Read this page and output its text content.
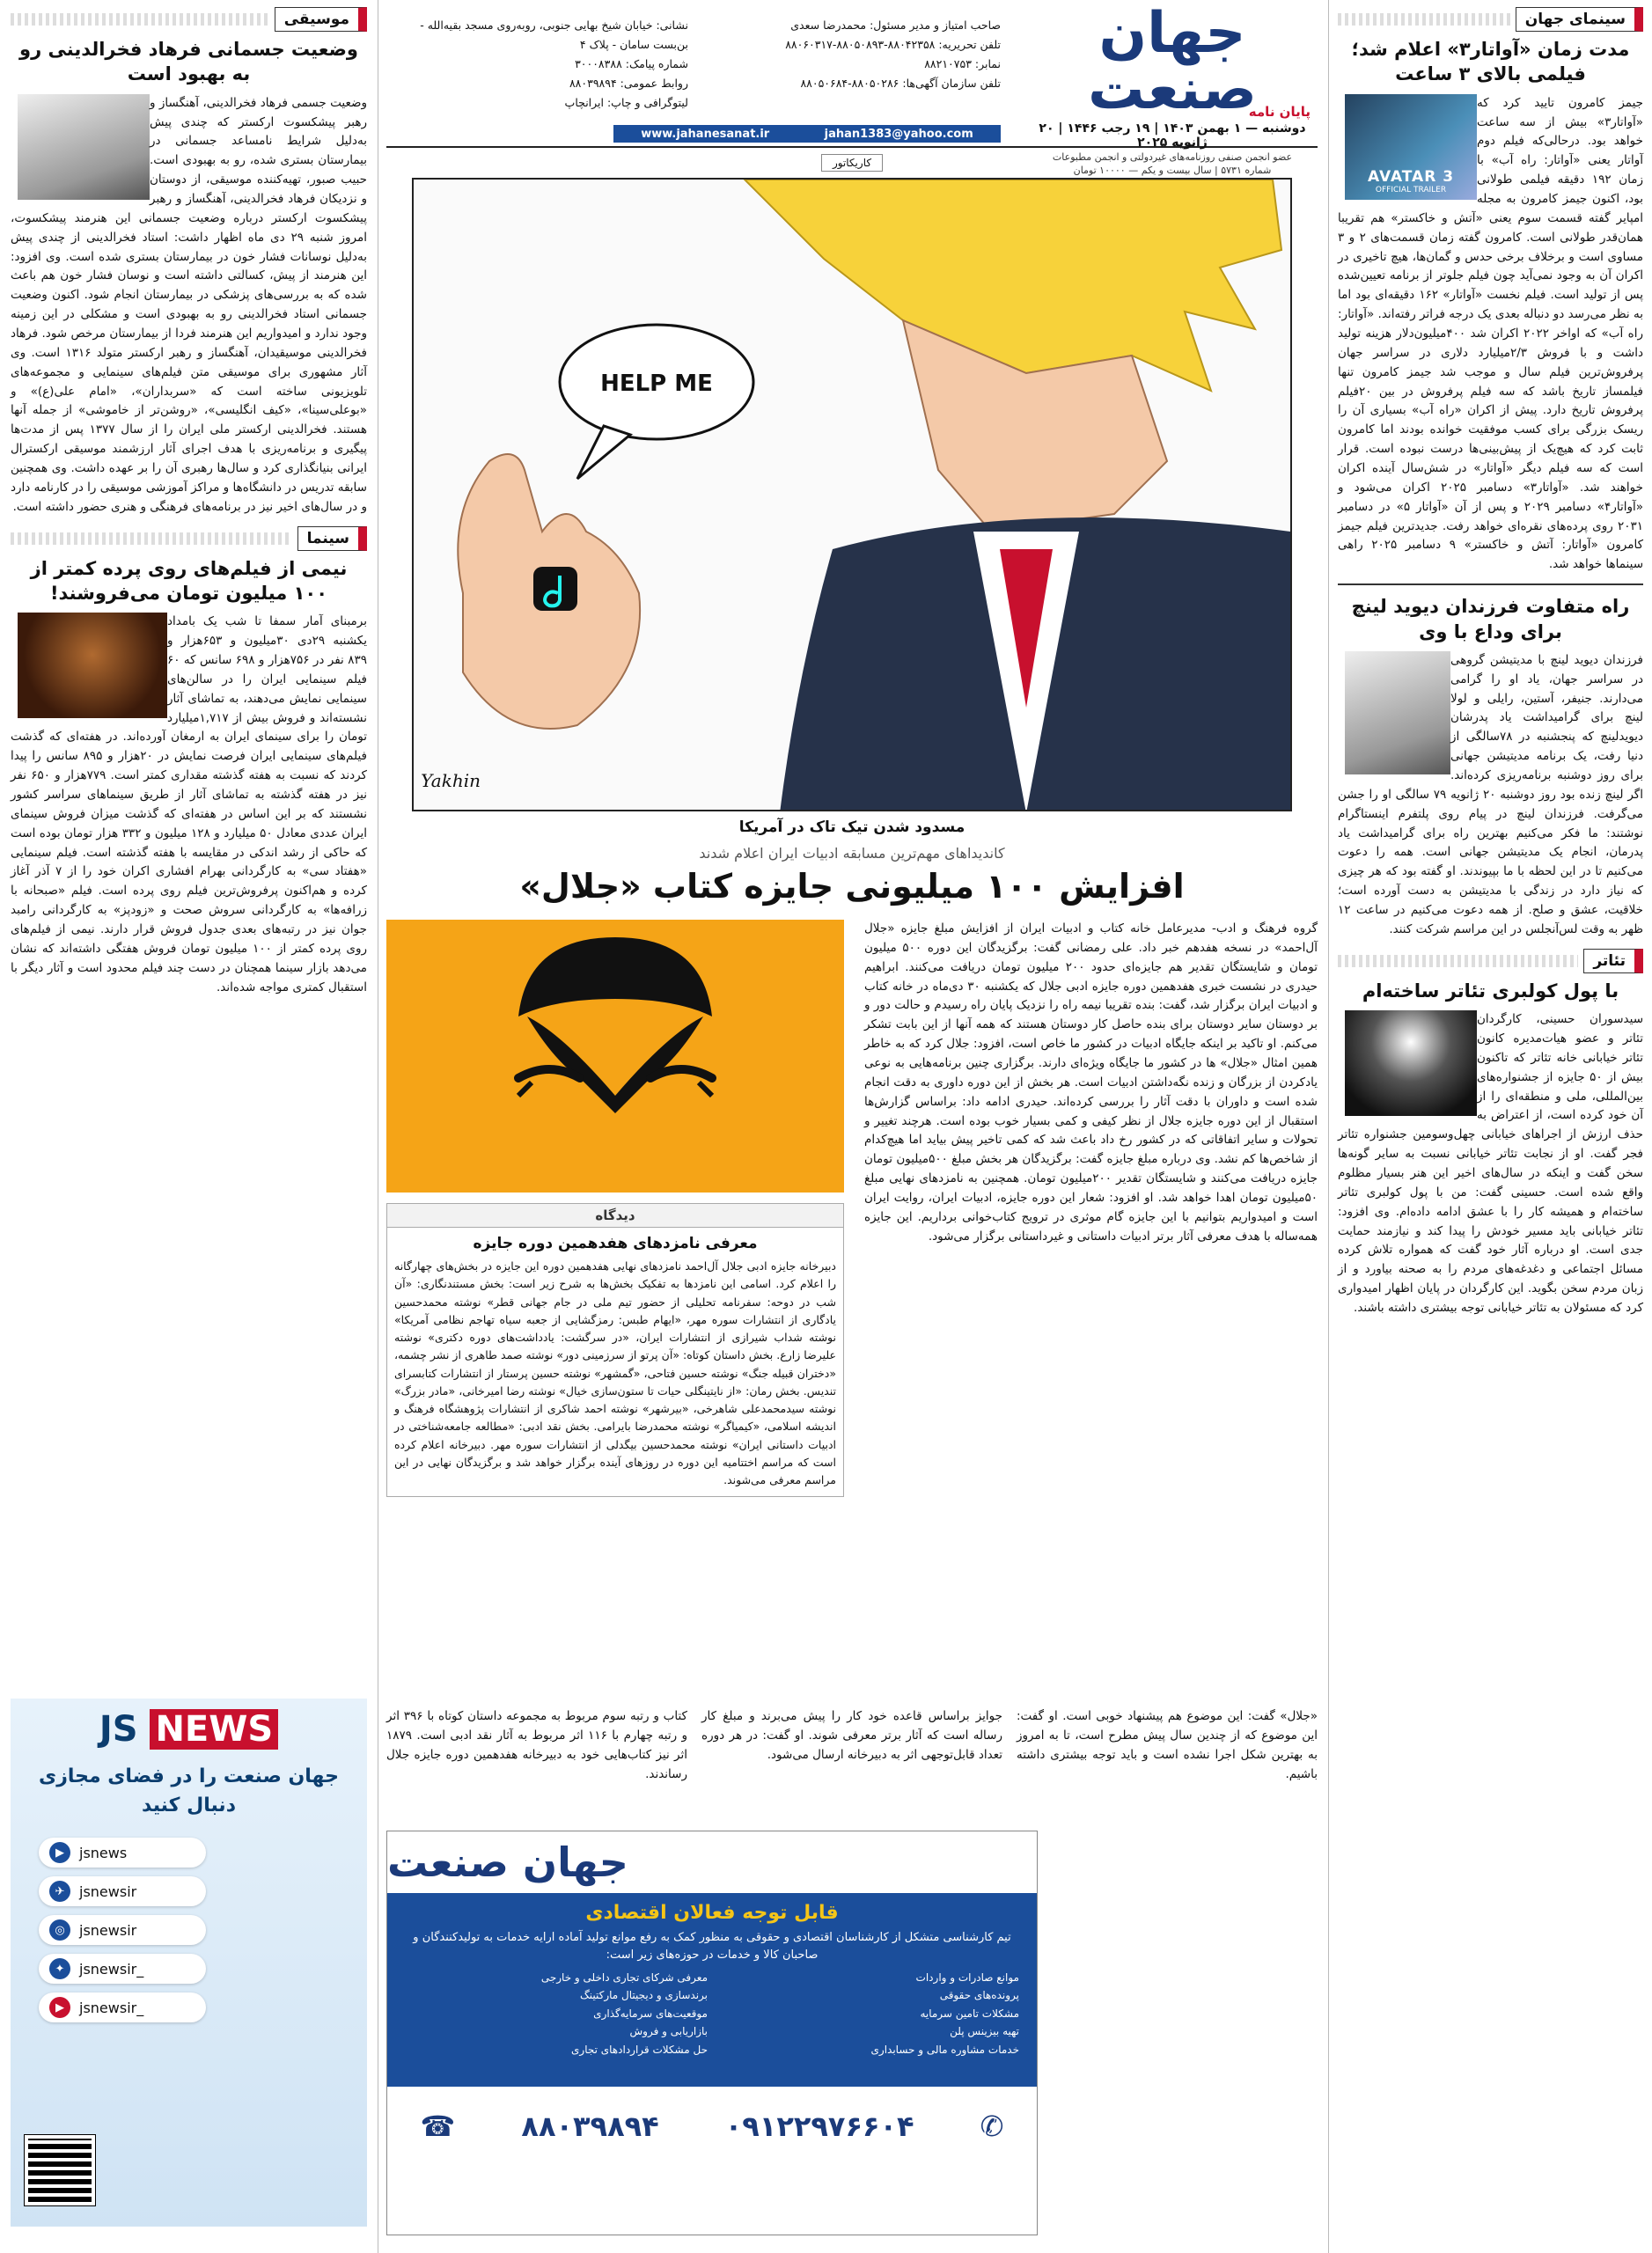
سینمای جهان
مدت زمان «آواتار۳» اعلام شد؛ فیلمی بالای ۳ ساعت
AVATAR 3
OFFICIAL TRAILER

جیمز کامرون تایید کرد که «آواتار۳» بیش از سه ساعت خواهد بود. درحالی‌که فیلم دوم آواتار یعنی «آواتار: راه آب» با زمان ۱۹۲ دقیقه فیلمی طولانی بود، اکنون جیمز کامرون به مجله امپایر گفته قسمت سوم یعنی «آتش و خاکستر» هم تقریبا همان‌قدر طولانی است. کامرون گفته زمان قسمت‌های ۲ و ۳ مساوی است و برخلاف برخی حدس و گمان‌ها، هیچ تاخیری در اکران آن به وجود نمی‌آید چون فیلم جلوتر از برنامه تعیین‌شده پس از تولید است. فیلم نخست «آواتار» ۱۶۲ دقیقه‌ای بود اما به نظر می‌رسد دو دنباله بعدی یک درجه فراتر رفته‌اند. «آواتار: راه آب» که اواخر ۲۰۲۲ اکران شد ۴۰۰میلیون‌دلار هزینه تولید داشت و با فروش ۲/۳میلیارد دلاری در سراسر جهان پرفروش‌ترین فیلم سال و موجب شد جیمز کامرون تنها فیلمساز تاریخ باشد که سه فیلم پرفروش در بین ۲۰فیلم پرفروش تاریخ دارد. پیش از اکران «راه آب» بسیاری آن را ریسک بزرگی برای کسب موفقیت خوانده بودند اما کامرون ثابت کرد که هیچ‌یک از پیش‌بینی‌ها درست نبوده است. قرار است که سه فیلم دیگر «آواتار» در شش‌سال آینده اکران خواهند شد. «آواتار۳» دسامبر ۲۰۲۵ اکران می‌شود و «آواتار۴» دسامبر ۲۰۲۹ و پس از آن «آواتار ۵» در دسامبر ۲۰۳۱ روی پرده‌های نقره‌ای خواهد رفت. جدیدترین فیلم جیمز کامرون «آواتار: آتش و خاکستر» ۹ دسامبر ۲۰۲۵ راهی سینماها خواهد شد.

راه متفاوت فرزندان دیوید لینچ برای وداع با وی

فرزندان دیوید لینچ با مدیتیشن گروهی در سراسر جهان، یاد او را گرامی می‌دارند. جنیفر، آستین، رایلی و لولا لینچ برای گرامیداشت یاد پدرشان دیویدلینچ که پنجشنبه در ۷۸سالگی از دنیا رفت، یک برنامه مدیتیشن جهانی برای روز دوشنبه برنامه‌ریزی کرده‌اند. اگر لینچ زنده بود روز دوشنبه ۲۰ ژانویه ۷۹ سالگی او را جشن می‌گرفت. فرزندان لینچ در پیام روی پلتفرم اینستاگرام نوشتند: ما فکر می‌کنیم بهترین راه برای گرامیداشت یاد پدرمان، انجام یک مدیتیشن جهانی است. همه را دعوت می‌کنیم تا در این لحظه با ما بپیوندند. او گفته بود که هر چیزی که نیاز دارد در زندگی با مدیتیشن به دست آورده است؛ خلاقیت، عشق و صلح. از همه دعوت می‌کنیم در ساعت ۱۲ ظهر به وقت لس‌آنجلس در این مراسم شرکت کنند.

تئاتر
با پول کولبری تئاتر ساخته‌ام

سیدسوران حسینی، کارگردان تئاتر و عضو هیات‌مدیره کانون تئاتر خیابانی خانه تئاتر که تاکنون بیش از ۵۰ جایزه از جشنواره‌های بین‌المللی، ملی و منطقه‌ای را از آن خود کرده است، از اعتراض به حذف ارزش از اجراهای خیابانی چهل‌وسومین جشنواره تئاتر فجر گفت. او از نجابت تئاتر خیابانی نسبت به سایر گونه‌ها سخن گفت و اینکه در سال‌های اخیر این هنر بسیار مظلوم واقع شده است. حسینی گفت: من با پول کولبری تئاتر ساخته‌ام و همیشه کار را با عشق ادامه داده‌ام. وی افزود: تئاتر خیابانی باید مسیر خودش را پیدا کند و نیازمند حمایت جدی است. او درباره آثار خود گفت که همواره تلاش کرده مسائل اجتماعی و دغدغه‌های مردم را به صحنه بیاورد و از زبان مردم سخن بگوید. این کارگردان در پایان اظهار امیدواری کرد که مسئولان به تئاتر خیابانی توجه بیشتری داشته باشند.

جهان صنعت
دوشنبه — ۱ بهمن ۱۴۰۳ | ۱۹ رجب ۱۴۴۶ | ۲۰ ژانویه ۲۰۲۵
عضو انجمن صنفی روزنامه‌های غیردولتی و انجمن مطبوعات
شماره ۵۷۳۱ | سال بیست و یکم — ۱۰۰۰۰ تومان
پایان نامه
صاحب امتیاز و مدیر مسئول: محمدرضا سعدی
تلفن تحریریه: ۸۸۰۴۲۳۵۸-۸۸۰۵۰۸۹۳-۸۸۰۶۰۳۱۷
نمابر: ۸۸۲۱۰۷۵۳
تلفن سازمان آگهی‌ها: ۸۸۰۵۰۲۸۶-۸۸۰۵۰۶۸۴
نشانی: خیابان شیخ بهایی جنوبی، روبه‌روی مسجد بقیه‌الله - بن‌بست سامان - پلاک ۴
شماره پیامک: ۳۰۰۰۸۳۸۸
روابط عمومی: ۸۸۰۳۹۸۹۴
لیتوگرافی و چاپ: ایرانچاپ
www.jahanesanat.ir	jahan1383@yahoo.com
کاریکاتور
HELP ME
Yakhin
مسدود شدن تیک تاک در آمریکا
کاندیداهای مهم‌ترین مسابقه ادبیات ایران اعلام شدند
افزایش ۱۰۰ میلیونی جایزه کتاب «جلال»

گروه فرهنگ و ادب- مدیرعامل خانه کتاب و ادبیات ایران از افزایش مبلغ جایزه «جلال آل‌احمد» در نسخه هفدهم خبر داد. علی رمضانی گفت: برگزیدگان این دوره ۵۰۰ میلیون تومان و شایستگان تقدیر هم جایزه‌ای حدود ۲۰۰ میلیون تومان دریافت می‌کنند. ابراهیم حیدری در نشست خبری هفدهمین دوره جایزه ادبی جلال که یکشنبه ۳۰ دی‌ماه در خانه کتاب و ادبیات ایران برگزار شد، گفت: بنده تقریبا نیمه راه را نزدیک پایان راه رسیدم و حالت دور و بر دوستان سایر دوستان برای بنده حاصل کار دوستان هستند که همه آنها از این بابت تشکر می‌کنم. او تاکید بر اینکه جایگاه ادبیات در کشور ما خاص است، افزود: جلال کرد که به خاطر همین امثال «جلال» ها در کشور ما جایگاه ویژه‌ای دارند. برگزاری چنین برنامه‌هایی به نوعی یادکردن از بزرگان و زنده نگه‌داشتن ادبیات است. هر بخش از این دوره داوری به دقت انجام شده است و داوران با دقت آثار را بررسی کرده‌اند. حیدری ادامه داد: براساس گزارش‌ها استقبال از این دوره جایزه جلال از نظر کیفی و کمی بسیار خوب بوده است. هرچند تغییر و تحولات و سایر اتفاقاتی که در کشور رخ داد باعث شد که کمی تاخیر پیش بیاید اما هیچ‌کدام از شاخص‌ها کم نشد. وی درباره مبلغ جایزه گفت: برگزیدگان هر بخش مبلغ ۵۰۰میلیون تومان جایزه دریافت می‌کنند و شایستگان تقدیر ۲۰۰میلیون تومان. همچنین به نامزدهای نهایی مبلغ ۵۰میلیون تومان اهدا خواهد شد. او افزود: شعار این دوره جایزه، ادبیات ایران، روایت ایران است و امیدواریم بتوانیم با این جایزه گام موثری در ترویج کتاب‌خوانی برداریم. این جایزه همه‌ساله با هدف معرفی آثار برتر ادبیات داستانی و غیرداستانی برگزار می‌شود.

دیدگاه
معرفی نامزدهای هفدهمین دوره جایزه

دبیرخانه جایزه ادبی جلال آل‌احمد نامزدهای نهایی هفدهمین دوره این جایزه در بخش‌های چهارگانه را اعلام کرد. اسامی این نامزدها به تفکیک بخش‌ها به شرح زیر است: بخش مستندنگاری: «آن شب در دوحه: سفرنامه تحلیلی از حضور تیم ملی در جام جهانی قطر» نوشته محمدحسین یادگاری از انتشارات سوره مهر، «ایهام طبس: رمزگشایی از جعبه سیاه تهاجم نظامی آمریکا» نوشته شداب شیرازی از انتشارات ایران، «در سرگشت: یادداشت‌های دوره دکتری» نوشته علیرضا زارع. بخش داستان کوتاه: «آن پرتو از سرزمینی دور» نوشته صمد طاهری از نشر چشمه، «دختران قبیله جنگ» نوشته حسین فتاحی، «گمشهر» نوشته حسین پرستار از انتشارات کتابسرای تندیس. بخش رمان: «از نایتینگلی حیات تا ستون‌سازی خیال» نوشته رضا امیرخانی، «مادر بزرگ» نوشته سیدمحمدعلی شاهرخی، «بیرشهر» نوشته احمد شاکری از انتشارات پژوهشگاه فرهنگ و اندیشه اسلامی، «کیمیاگر» نوشته محمدرضا بایرامی. بخش نقد ادبی: «مطالعه جامعه‌شناختی در ادبیات داستانی ایران» نوشته محمدحسین بیگدلی از انتشارات سوره مهر. دبیرخانه اعلام کرده است که مراسم اختتامیه این دوره در روزهای آینده برگزار خواهد شد و برگزیدگان نهایی در این مراسم معرفی می‌شوند.

«جلال» گفت: این موضوع هم پیشنهاد خوبی است. او گفت: این موضوع که از چندین سال پیش مطرح است، تا به امروز به بهترین شکل اجرا نشده است و باید توجه بیشتری داشته باشیم.

جوایز براساس قاعده خود کار را پیش می‌برند و مبلغ کار رساله است که آثار برتر معرفی شوند. او گفت: در هر دوره تعداد قابل‌توجهی اثر به دبیرخانه ارسال می‌شود.

کتاب و رتبه سوم مربوط به مجموعه داستان کوتاه با ۳۹۶ اثر و رتبه چهارم با ۱۱۶ اثر مربوط به آثار نقد ادبی است. ۱۸۷۹ اثر نیز کتاب‌هایی خود به دبیرخانه هفدهمین دوره جایزه جلال رساندند.

جهان صنعت
قابل توجه فعالان اقتصادی
تیم کارشناسی متشکل از کارشناسان اقتصادی و حقوقی به منظور کمک به رفع موانع تولید آماده ارایه خدمات به تولیدکنندگان و صاحبان کالا و خدمات در حوزه‌های زیر است:
موانع صادرات و واردات
پرونده‌های حقوقی
مشکلات تامین سرمایه
تهیه بیزینس پلن
خدمات مشاوره مالی و حسابداری
معرفی شرکای تجاری داخلی و خارجی
برندسازی و دیجیتال مارکتینگ
موقعیت‌های سرمایه‌گذاری
بازاریابی و فروش
حل مشکلات قراردادهای تجاری
☎ ۸۸۰۳۹۸۹۴ ۰۹۱۲۲۹۷۶۶۰۴ ✆
موسیقی
وضعیت جسمانی فرهاد فخرالدینی رو به بهبود است

وضعیت جسمی فرهاد فخرالدینی، آهنگساز و رهبر پیشکسوت ارکستر که چندی پیش به‌دلیل شرایط نامساعد جسمانی در بیمارستان بستری شده، رو به بهبودی است. حبیب صبور، تهیه‌کننده موسیقی، از دوستان و نزدیکان فرهاد فخرالدینی، آهنگساز و رهبر پیشکسوت ارکستر درباره وضعیت جسمانی این هنرمند پیشکسوت، امروز شنبه ۲۹ دی ماه اظهار داشت: استاد فخرالدینی از چندی پیش به‌دلیل نوسانات فشار خون در بیمارستان بستری شده است. وی افزود: این هنرمند از پیش، کسالتی داشته است و نوسان فشار خون هم باعث شده که به بررسی‌های پزشکی در بیمارستان انجام شود. اکنون وضعیت جسمانی استاد فخرالدینی رو به بهبودی است و مشکلی در این زمینه وجود ندارد و امیدواریم این هنرمند فردا از بیمارستان مرخص شود. فرهاد فخرالدینی موسیقیدان، آهنگساز و رهبر ارکستر متولد ۱۳۱۶ است. وی آثار مشهوری برای موسیقی متن فیلم‌های سینمایی و مجموعه‌های تلویزیونی ساخته است که «سربداران»، «امام علی(ع)» و «بوعلی‌سینا»، «کیف انگلیسی»، «روشن‌تر از خاموشی» از جمله آنها هستند. فخرالدینی ارکستر ملی ایران را از سال ۱۳۷۷ پس از مدت‌ها پیگیری و برنامه‌ریزی با هدف اجرای آثار ارزشمند موسیقی ارکسترال ایرانی بنیانگذاری کرد و سال‌ها رهبری آن را بر عهده داشت. وی همچنین سابقه تدریس در دانشگاه‌ها و مراکز آموزشی موسیقی را در کارنامه دارد و در سال‌های اخیر نیز در برنامه‌های فرهنگی و هنری حضور داشته است.

سینما
نیمی از فیلم‌های روی پرده کمتر از ۱۰۰ میلیون تومان می‌فروشند!

برمبنای آمار سمفا تا شب یک بامداد یکشنبه ۲۹دی ۳۰میلیون و ۶۵۳هزار و ۸۳۹ نفر در ۷۵۶هزار و ۶۹۸ سانس که ۶۰ فیلم سینمایی ایران را در سالن‌های سینمایی نمایش می‌دهند، به تماشای آثار نشسته‌اند و فروش بیش از ۱,۷۱۷میلیارد تومان را برای سینمای ایران به ارمغان آورده‌اند. در هفته‌ای که گذشت فیلم‌های سینمایی ایران فرصت نمایش در ۲۰هزار و ۸۹۵ سانس را پیدا کردند که نسبت به هفته گذشته مقداری کمتر است. ۷۷۹هزار و ۶۵۰ نفر نیز در هفته گذشته به تماشای آثار از طریق سینماهای سراسر کشور نشستند که بر این اساس در هفته‌ای که گذشت میزان فروش سینمای ایران عددی معادل ۵۰ میلیارد و ۱۲۸ میلیون و ۳۳۲ هزار تومان بوده است که حاکی از رشد اندکی در مقایسه با هفته گذشته است. فیلم سینمایی «هفتاد سی» به کارگردانی بهرام افشاری اکران خود را از ۷ آذر آغاز کرده و هم‌اکنون پرفروش‌ترین فیلم روی پرده است. فیلم «صبحانه با زرافه‌ها» به کارگردانی سروش صحت و «زودپز» به کارگردانی رامبد جوان نیز در رتبه‌های بعدی جدول فروش قرار دارند. نیمی از فیلم‌های روی پرده کمتر از ۱۰۰ میلیون تومان فروش هفتگی داشته‌اند که نشان می‌دهد بازار سینما همچنان در دست چند فیلم محدود است و آثار دیگر با استقبال کمتری مواجه شده‌اند.

JS NEWS
جهان صنعت را در فضای مجازی دنبال کنید
▶	jsnews
✈	jsnewsir
◎	jsnewsir
✦	jsnewsir_
▶	jsnewsir_
